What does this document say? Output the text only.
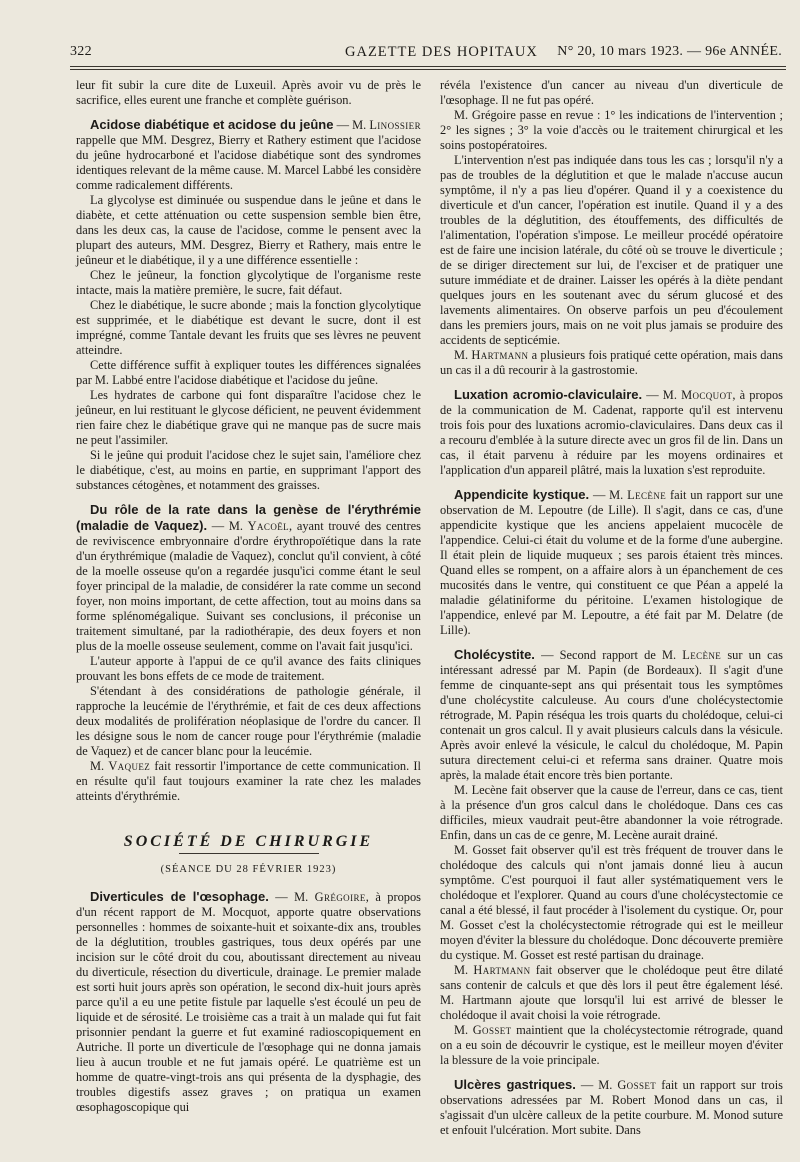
322	GAZETTE DES HOPITAUX N° 20, 10 mars 1923. — 96e ANNÉE.

leur fit subir la cure dite de Luxeuil. Après avoir vu de près le sacrifice, elles eurent une franche et complète guérison.

Acidose diabétique et acidose du jeûne — M. Linossier rappelle que MM. Desgrez, Bierry et Rathery estiment que l'acidose du jeûne hydrocarboné et l'acidose diabétique sont des syndromes identiques relevant de la même cause. M. Marcel Labbé les considère comme radicalement différents.

La glycolyse est diminuée ou suspendue dans le jeûne et dans le diabète, et cette atténuation ou cette suspension semble bien être, dans les deux cas, la cause de l'acidose, comme le pensent avec la plupart des auteurs, MM. Desgrez, Bierry et Rathery, mais entre le jeûneur et le diabétique, il y a une différence essentielle :

Chez le jeûneur, la fonction glycolytique de l'organisme reste intacte, mais la matière première, le sucre, fait défaut.

Chez le diabétique, le sucre abonde ; mais la fonction glycolytique est supprimée, et le diabétique est devant le sucre, dont il est imprégné, comme Tantale devant les fruits que ses lèvres ne peuvent atteindre.

Cette différence suffit à expliquer toutes les différences signalées par M. Labbé entre l'acidose diabétique et l'acidose du jeûne.

Les hydrates de carbone qui font disparaître l'acidose chez le jeûneur, en lui restituant le glycose déficient, ne peuvent évidemment rien faire chez le diabétique grave qui ne manque pas de sucre mais ne peut l'assimiler.

Si le jeûne qui produit l'acidose chez le sujet sain, l'améliore chez le diabétique, c'est, au moins en partie, en supprimant l'apport des substances cétogènes, et notamment des graisses.

Du rôle de la rate dans la genèse de l'érythrémie (maladie de Vaquez). — M. Yacoël, ayant trouvé des centres de reviviscence embryonnaire d'ordre érythropoïétique dans la rate d'un érythrémique (maladie de Vaquez), conclut qu'il convient, à côté de la moelle osseuse qu'on a regardée jusqu'ici comme étant le seul foyer principal de la maladie, de considérer la rate comme un second foyer, non moins important, de cette affection, tout au moins dans sa forme splénomégalique. Suivant ses conclusions, il préconise un traitement simultané, par la radiothérapie, des deux foyers et non plus de la moelle osseuse seulement, comme on l'avait fait jusqu'ici.

L'auteur apporte à l'appui de ce qu'il avance des faits cliniques prouvant les bons effets de ce mode de traitement.

S'étendant à des considérations de pathologie générale, il rapproche la leucémie de l'érythrémie, et fait de ces deux affections deux modalités de prolifération néoplasique de l'ordre du cancer. Il les désigne sous le nom de cancer rouge pour l'érythrémie (maladie de Vaquez) et de cancer blanc pour la leucémie.

M. Vaquez fait ressortir l'importance de cette communication. Il en résulte qu'il faut toujours examiner la rate chez les malades atteints d'érythrémie.

SOCIÉTÉ DE CHIRURGIE
(SÉANCE DU 28 FÉVRIER 1923)

Diverticules de l'œsophage. — M. Grégoire, à propos d'un récent rapport de M. Mocquot, apporte quatre observations personnelles : hommes de soixante-huit et soixante-dix ans, troubles de la déglutition, troubles gastriques, tous deux opérés par une incision sur le côté droit du cou, aboutissant directement au niveau du diverticule, résection du diverticule, drainage. Le premier malade est sorti huit jours après son opération, le second dix-huit jours après parce qu'il a eu une petite fistule par laquelle s'est écoulé un peu de liquide et de sérosité. Le troisième cas a trait à un malade qui fut fait prisonnier pendant la guerre et fut examiné radioscopiquement en Autriche. Il porte un diverticule de l'œsophage qui ne donna jamais lieu à aucun trouble et ne fut jamais opéré. Le quatrième est un homme de quatre-vingt-trois ans qui présenta de la dysphagie, des troubles digestifs assez graves ; on pratiqua un examen œsophagoscopique qui

révéla l'existence d'un cancer au niveau d'un diverticule de l'œsophage. Il ne fut pas opéré.

M. Grégoire passe en revue : 1° les indications de l'intervention ; 2° les signes ; 3° la voie d'accès ou le traitement chirurgical et les soins postopératoires.

L'intervention n'est pas indiquée dans tous les cas ; lorsqu'il n'y a pas de troubles de la déglutition et que le malade n'accuse aucun symptôme, il n'y a pas lieu d'opérer. Quand il y a coexistence du diverticule et d'un cancer, l'opération est inutile. Quand il y a des troubles de la déglutition, des étouffements, des difficultés de l'alimentation, l'opération s'impose. Le meilleur procédé opératoire est de faire une incision latérale, du côté où se trouve le diverticule ; de se diriger directement sur lui, de l'exciser et de pratiquer une suture immédiate et de drainer. Laisser les opérés à la diète pendant quelques jours en les soutenant avec du sérum glucosé et des lavements alimentaires. On observe parfois un peu d'écoulement dans les premiers jours, mais on ne voit plus jamais se produire des accidents de septicémie.

M. Hartmann a plusieurs fois pratiqué cette opération, mais dans un cas il a dû recourir à la gastrostomie.

Luxation acromio-claviculaire. — M. Mocquot, à propos de la communication de M. Cadenat, rapporte qu'il est intervenu trois fois pour des luxations acromio-claviculaires. Dans deux cas il a recouru d'emblée à la suture directe avec un gros fil de lin. Dans un cas, il était parvenu à réduire par les moyens ordinaires et l'application d'un appareil plâtré, mais la luxation s'est reproduite.

Appendicite kystique. — M. Lecène fait un rapport sur une observation de M. Lepoutre (de Lille). Il s'agit, dans ce cas, d'une appendicite kystique que les anciens appelaient mucocèle de l'appendice. Celui-ci était du volume et de la forme d'une aubergine. Il était plein de liquide muqueux ; ses parois étaient très minces. Quand elles se rompent, on a affaire alors à un épanchement de ces mucosités dans le ventre, qui constituent ce que Péan a appelé la maladie gélatiniforme du péritoine. L'examen histologique de l'appendice, enlevé par M. Lepoutre, a été fait par M. Delatre (de Lille).

Cholécystite. — Second rapport de M. Lecène sur un cas intéressant adressé par M. Papin (de Bordeaux). Il s'agit d'une femme de cinquante-sept ans qui présentait tous les symptômes d'une cholécystite calculeuse. Au cours d'une cholécystectomie rétrograde, M. Papin réséqua les trois quarts du cholédoque, celui-ci contenait un gros calcul. Il y avait plusieurs calculs dans la vésicule. Après avoir enlevé la vésicule, le calcul du cholédoque, M. Papin sutura directement celui-ci et referma sans drainer. Quatre mois après, la malade était encore très bien portante.

M. Lecène fait observer que la cause de l'erreur, dans ce cas, tient à la présence d'un gros calcul dans le cholédoque. Dans ces cas difficiles, mieux vaudrait peut-être abandonner la voie rétrograde. Enfin, dans un cas de ce genre, M. Lecène aurait drainé.

M. Gosset fait observer qu'il est très fréquent de trouver dans le cholédoque des calculs qui n'ont jamais donné lieu à aucun symptôme. C'est pourquoi il faut aller systématiquement vers le cholédoque et l'explorer. Quand au cours d'une cholécystectomie ce canal a été blessé, il faut procéder à l'isolement du cystique. Or, pour M. Gosset c'est la cholécystectomie rétrograde qui est le meilleur moyen d'éviter la blessure du cholédoque. Donc découverte première du cystique. M. Gosset est resté partisan du drainage.

M. Hartmann fait observer que le cholédoque peut être dilaté sans contenir de calculs et que dès lors il peut être également lésé. M. Hartmann ajoute que lorsqu'il lui est arrivé de blesser le cholédoque il avait choisi la voie rétrograde.

M. Gosset maintient que la cholécystectomie rétrograde, quand on a eu soin de découvrir le cystique, est le meilleur moyen d'éviter la blessure de la voie principale.

Ulcères gastriques. — M. Gosset fait un rapport sur trois observations adressées par M. Robert Monod dans un cas, il s'agissait d'un ulcère calleux de la petite courbure. M. Monod suture et enfouit l'ulcération. Mort subite. Dans
